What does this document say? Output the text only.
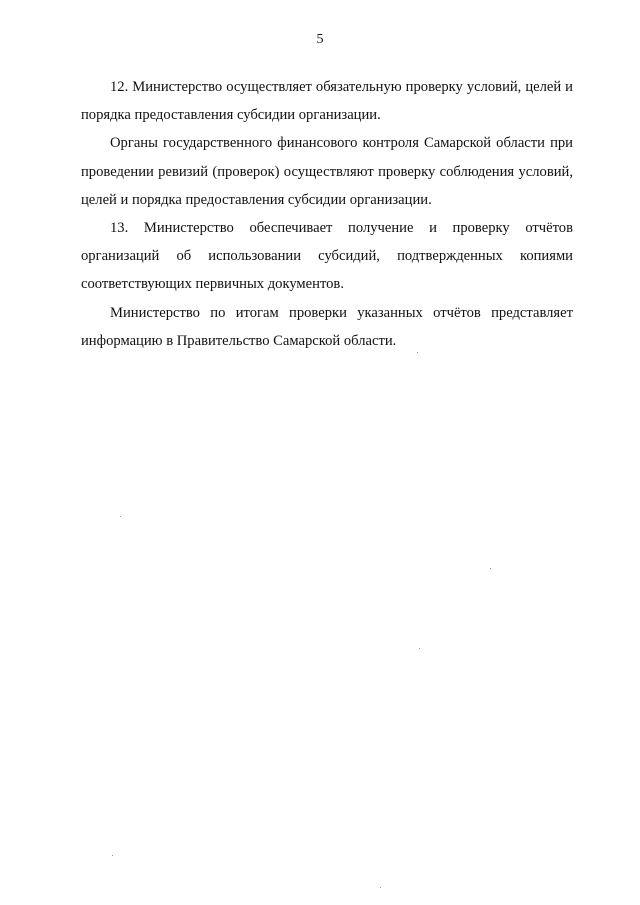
5

12. Министерство осуществляет обязательную проверку условий, целей и порядка предоставления субсидии организации.

Органы государственного финансового контроля Самарской области при проведении ревизий (проверок) осуществляют проверку соблюдения условий, целей и порядка предоставления субсидии организации.

13. Министерство обеспечивает получение и проверку отчётов организаций об использовании субсидий, подтвержденных копиями соответствующих первичных документов.

Министерство по итогам проверки указанных отчётов представляет информацию в Правительство Самарской области.
